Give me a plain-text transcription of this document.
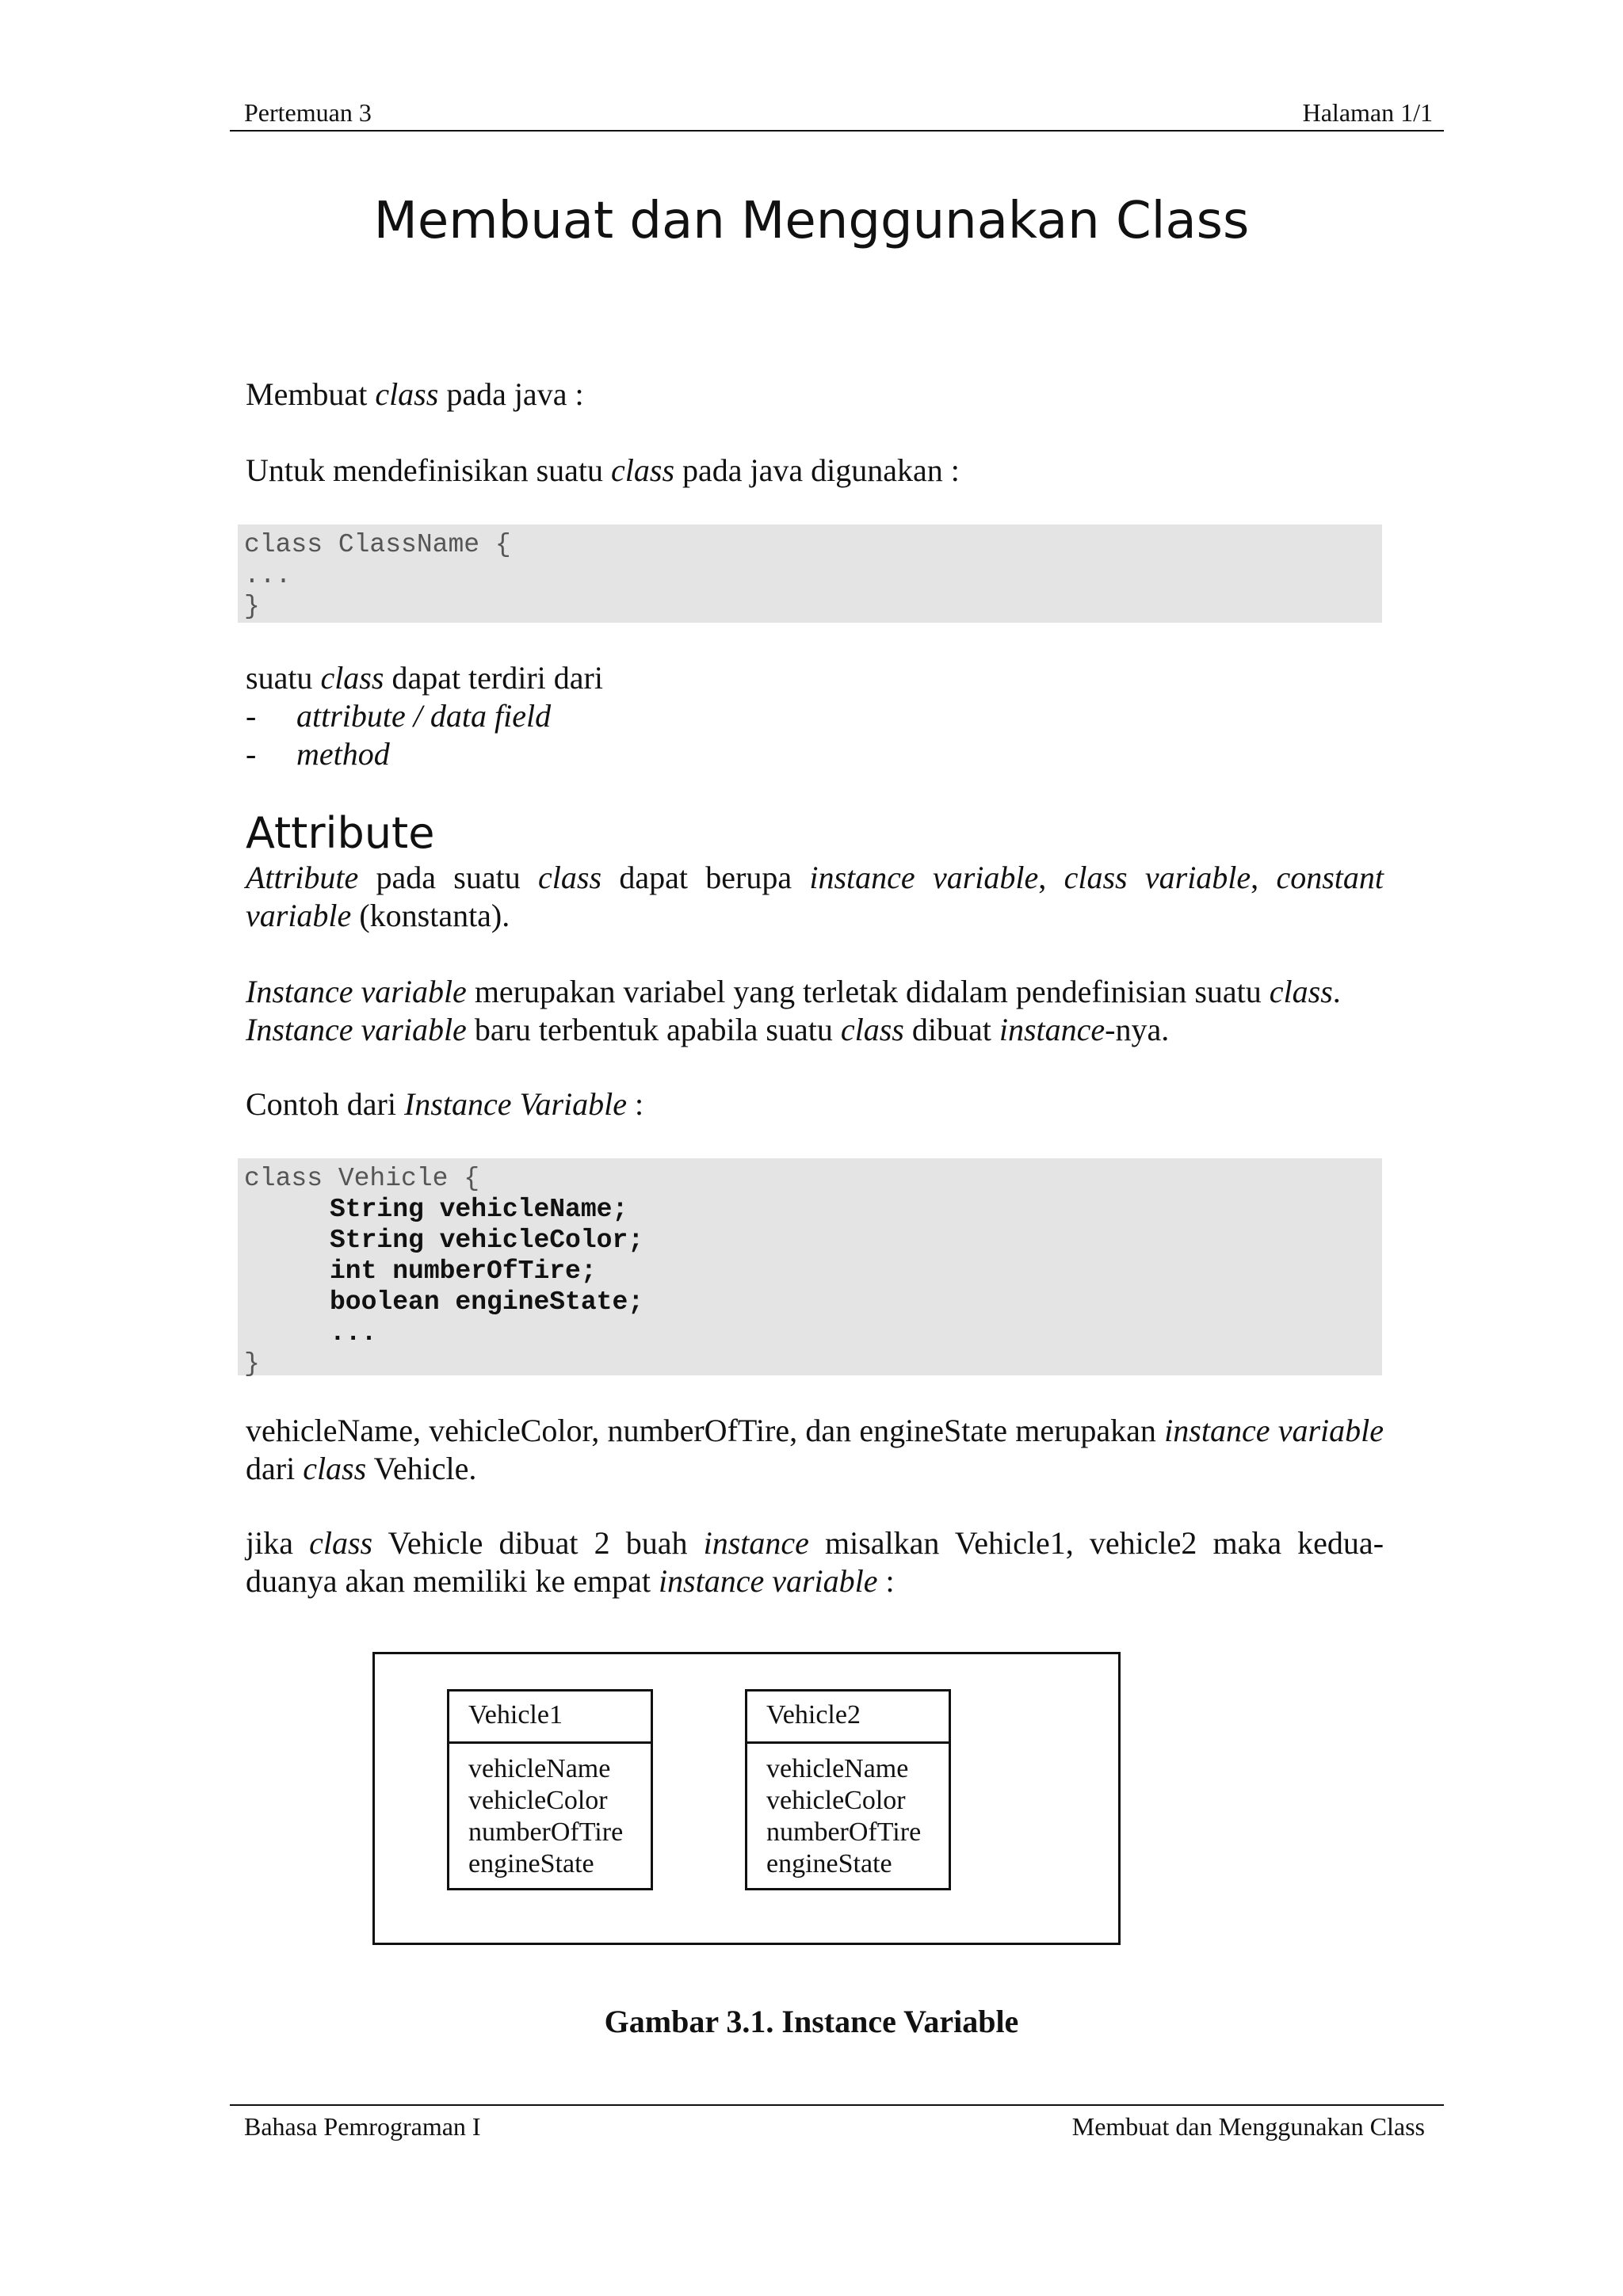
Pertemuan 3	Halaman 1/1
Membuat dan Menggunakan Class

Membuat class pada java :

Untuk mendefinisikan suatu class pada java digunakan :

class ClassName {
...
}
suatu class dapat terdiri dari
- attribute / data field
- method
Attribute

Attribute pada suatu class dapat berupa instance variable, class variable, constant variable (konstanta).

Instance variable merupakan variabel yang terletak didalam pendefinisian suatu class.
Instance variable baru terbentuk apabila suatu class dibuat instance-nya.

Contoh dari Instance Variable :

class Vehicle {
String vehicleName;
String vehicleColor;
int numberOfTire;
boolean engineState;
...
}

vehicleName, vehicleColor, numberOfTire, dan engineState merupakan instance variable dari class Vehicle.

jika class Vehicle dibuat 2 buah instance misalkan Vehicle1, vehicle2 maka kedua-duanya akan memiliki ke empat instance variable :

Vehicle1
vehicleName
vehicleColor
numberOfTire
engineState
Vehicle2
vehicleName
vehicleColor
numberOfTire
engineState
Gambar 3.1. Instance Variable
Bahasa Pemrograman I	Membuat dan Menggunakan Class
